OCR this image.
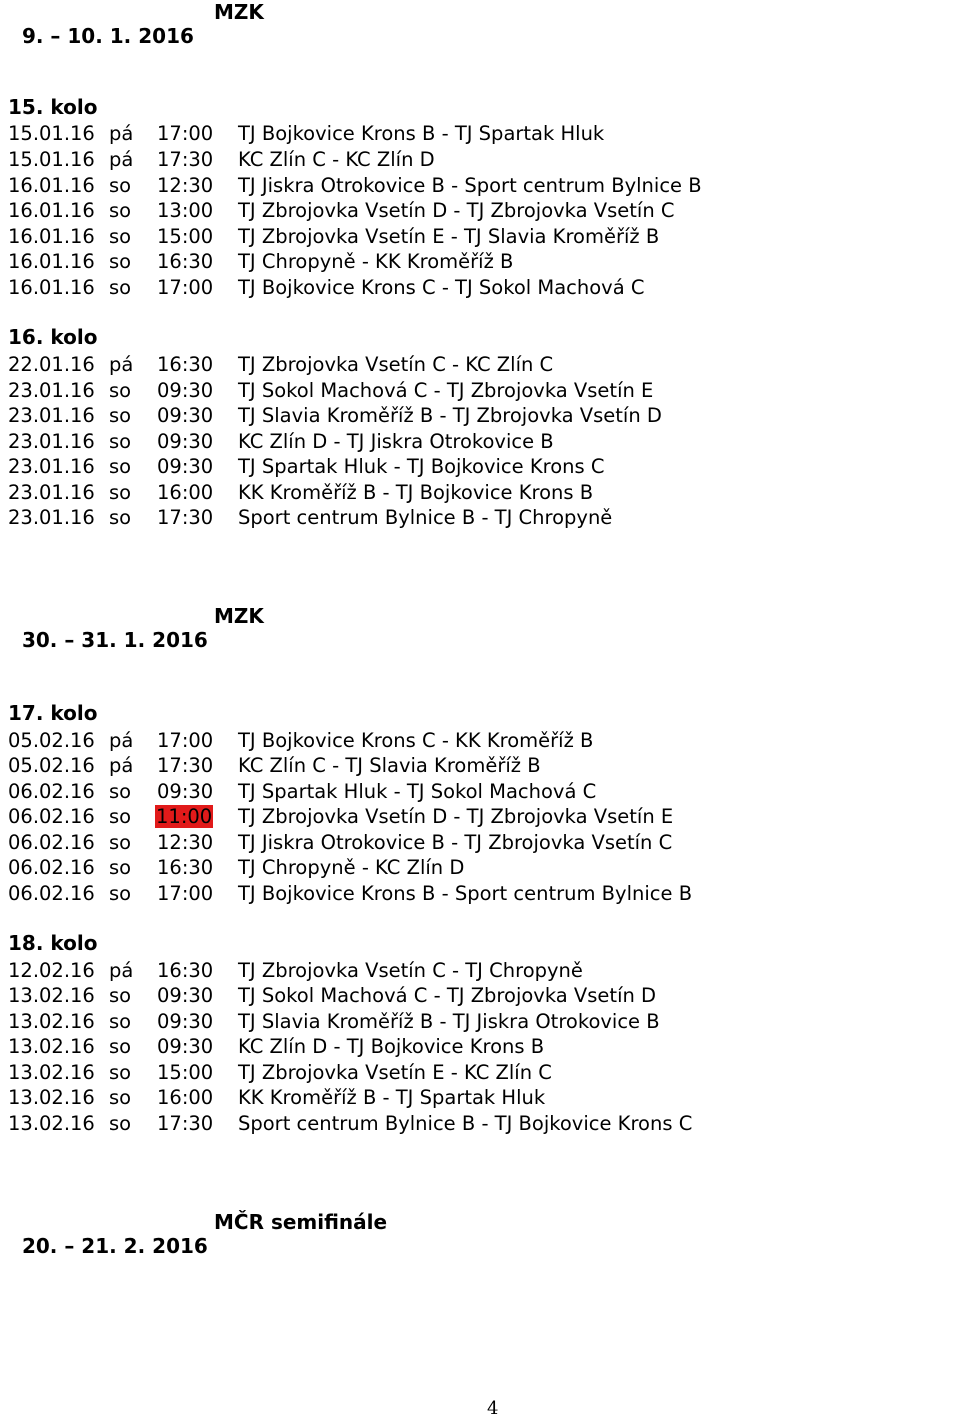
9. – 10. 1. 2016

MZK

15. kolo
15.01.16 pá 17:00 TJ Bojkovice Krons B - TJ Spartak Hluk
15.01.16 pá 17:30 KC Zlín C - KC Zlín D
16.01.16 so 12:30 TJ Jiskra Otrokovice B - Sport centrum Bylnice B
16.01.16 so 13:00 TJ Zbrojovka Vsetín D - TJ Zbrojovka Vsetín C
16.01.16 so 15:00 TJ Zbrojovka Vsetín E - TJ Slavia Kroměříž B
16.01.16 so 16:30 TJ Chropyně - KK Kroměříž B
16.01.16 so 17:00 TJ Bojkovice Krons C - TJ Sokol Machová C
16. kolo
22.01.16 pá 16:30 TJ Zbrojovka Vsetín C - KC Zlín C
23.01.16 so 09:30 TJ Sokol Machová C - TJ Zbrojovka Vsetín E
23.01.16 so 09:30 TJ Slavia Kroměříž B - TJ Zbrojovka Vsetín D
23.01.16 so 09:30 KC Zlín D - TJ Jiskra Otrokovice B
23.01.16 so 09:30 TJ Spartak Hluk - TJ Bojkovice Krons C
23.01.16 so 16:00 KK Kroměříž B - TJ Bojkovice Krons B
23.01.16 so 17:30 Sport centrum Bylnice B - TJ Chropyně

30. – 31. 1. 2016

MZK

17. kolo
05.02.16 pá 17:00 TJ Bojkovice Krons C - KK Kroměříž B
05.02.16 pá 17:30 KC Zlín C - TJ Slavia Kroměříž B
06.02.16 so 09:30 TJ Spartak Hluk - TJ Sokol Machová C
06.02.16 so 11:00 TJ Zbrojovka Vsetín D - TJ Zbrojovka Vsetín E
06.02.16 so 12:30 TJ Jiskra Otrokovice B - TJ Zbrojovka Vsetín C
06.02.16 so 16:30 TJ Chropyně - KC Zlín D
06.02.16 so 17:00 TJ Bojkovice Krons B - Sport centrum Bylnice B
18. kolo
12.02.16 pá 16:30 TJ Zbrojovka Vsetín C - TJ Chropyně
13.02.16 so 09:30 TJ Sokol Machová C - TJ Zbrojovka Vsetín D
13.02.16 so 09:30 TJ Slavia Kroměříž B - TJ Jiskra Otrokovice B
13.02.16 so 09:30 KC Zlín D - TJ Bojkovice Krons B
13.02.16 so 15:00 TJ Zbrojovka Vsetín E - KC Zlín C
13.02.16 so 16:00 KK Kroměříž B - TJ Spartak Hluk
13.02.16 so 17:30 Sport centrum Bylnice B - TJ Bojkovice Krons C

20. – 21. 2. 2016

MČR semifinále

4
